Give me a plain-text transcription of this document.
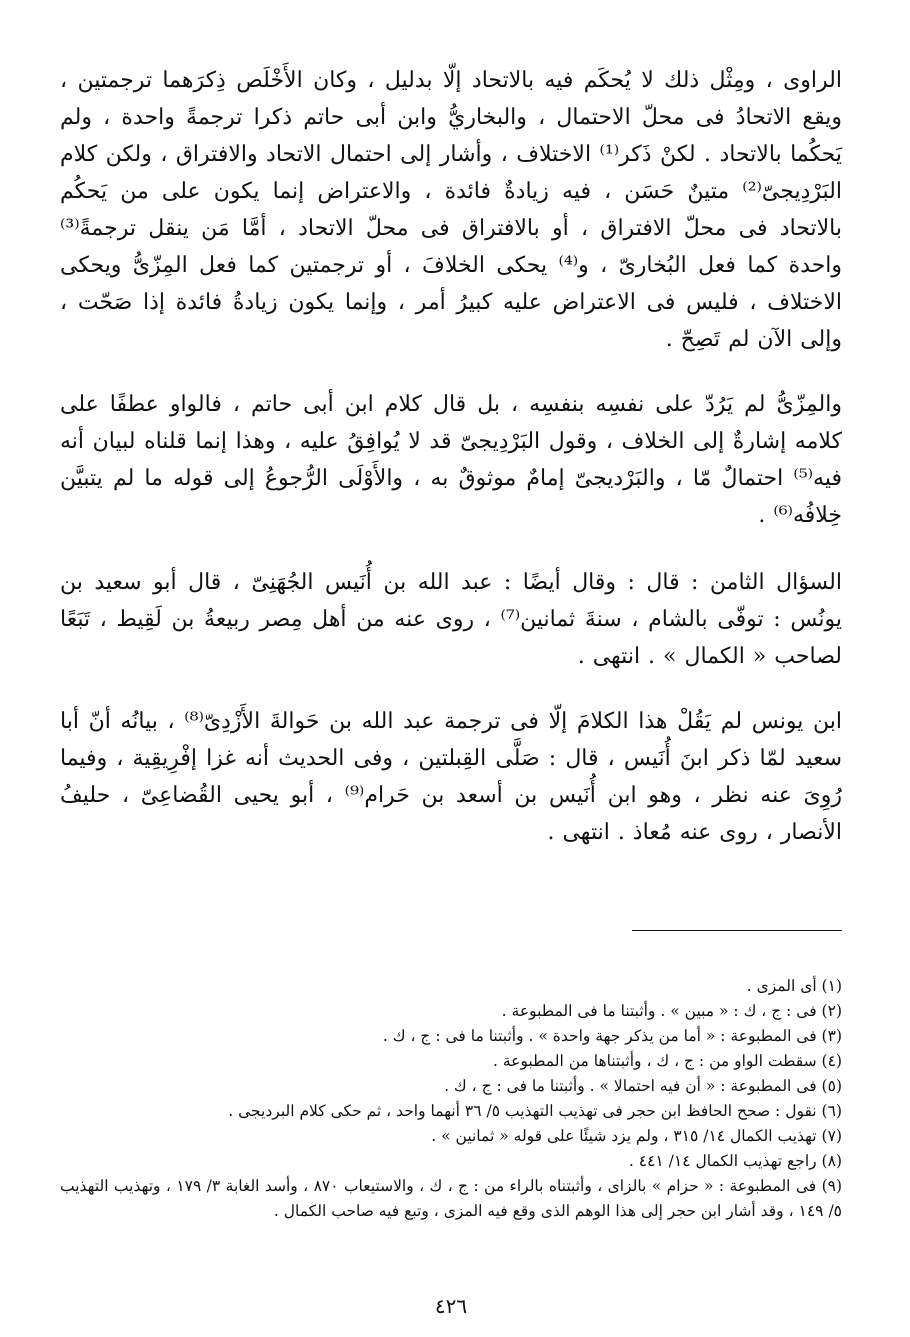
الراوى ، ومِثْل ذلك لا يُحكَم فيه بالاتحاد إلّا بدليل ، وكان الأَخْلَص ذِكرَهما ترجمتين ، ويقع الاتحادُ فى محلّ الاحتمال ، والبخاريُّ وابن أبى حاتم ذكرا ترجمةً واحدة ، ولم يَحكُما بالاتحاد . لكنْ ذَكر⁽¹⁾ الاختلاف ، وأشار إلى احتمال الاتحاد والافتراق ، ولكن كلام البَرْدِيجىّ⁽²⁾ متينٌ حَسَن ، فيه زيادةٌ فائدة ، والاعتراض إنما يكون على من يَحكُم بالاتحاد فى محلّ الافتراق ، أو بالافتراق فى محلّ الاتحاد ، أمَّا مَن ينقل ترجمةً⁽³⁾ واحدة كما فعل البُخارىّ ، و⁽⁴⁾ يحكى الخلافَ ، أو ترجمتين كما فعل المِزّىُّ ويحكى الاختلاف ، فليس فى الاعتراض عليه كبيرُ أمر ، وإنما يكون زيادةُ فائدة إذا صَحّت ، وإلى الآن لم تَصِحّ .

والمِزّىُّ لم يَرُدّ على نفسِه بنفسِه ، بل قال كلام ابن أبى حاتم ، فالواو عطفًا على كلامه إشارةٌ إلى الخلاف ، وقول البَرْدِيجىّ قد لا يُوافِقُ عليه ، وهذا إنما قلناه لبيان أنه فيه⁽⁵⁾ احتمالٌ مّا ، والبَرْديجىّ إمامٌ موثوقٌ به ، والأَوْلَى الرُّجوعُ إلى قوله ما لم يتبيَّن خِلافُه⁽⁶⁾ .

السؤال الثامن : قال : وقال أيضًا : عبد الله بن أُنَيس الجُهَنِىّ ، قال أبو سعيد بن يونُس : توفّى بالشام ، سنةَ ثمانين⁽⁷⁾ ، روى عنه من أهل مِصر ربيعةُ بن لَقِيط ، تَبَعًا لصاحب « الكمال » . انتهى .

ابن يونس لم يَقُلْ هذا الكلامَ إلّا فى ترجمة عبد الله بن حَوالةَ الأَزْدِىّ⁽⁸⁾ ، بيانُه أنّ أبا سعيد لمّا ذكر ابنَ أُنَيس ، قال : صَلَّى القِبلتين ، وفى الحديث أنه غزا إفْرِيقِية ، وفيما رُوِىَ عنه نظر ، وهو ابن أُنَيس بن أسعد بن حَرام⁽⁹⁾ ، أبو يحيى القُضاعِىّ ، حليفُ الأنصار ، روى عنه مُعاذ . انتهى .

(١) أى المزى .

(٢) فى : ج ، ك : « مبين » . وأثبتنا ما فى المطبوعة .

(٣) فى المطبوعة : « أما من يذكر جهة واحدة » . وأثبتنا ما فى : ج ، ك .

(٤) سقطت الواو من : ج ، ك ، وأثبتناها من المطبوعة .

(٥) فى المطبوعة : « أن فيه احتمالا » . وأثبتنا ما فى : ج ، ك .

(٦) نقول : صحح الحافظ ابن حجر فى تهذيب التهذيب ٥/ ٣٦ أنهما واحد ، ثم حكى كلام البرديجى .

(٧) تهذيب الكمال ١٤/ ٣١٥ ، ولم يزد شيئًا على قوله « ثمانين » .

(٨) راجع تهذيب الكمال ١٤/ ٤٤١ .

(٩) فى المطبوعة : « حزام » بالزاى ، وأثبتناه بالراء من : ج ، ك ، والاستيعاب ٨٧٠ ، وأسد الغابة ٣/ ١٧٩ ، وتهذيب التهذيب ٥/ ١٤٩ ، وقد أشار ابن حجر إلى هذا الوهم الذى وقع فيه المزى ، وتبع فيه صاحب الكمال .

٤٢٦
